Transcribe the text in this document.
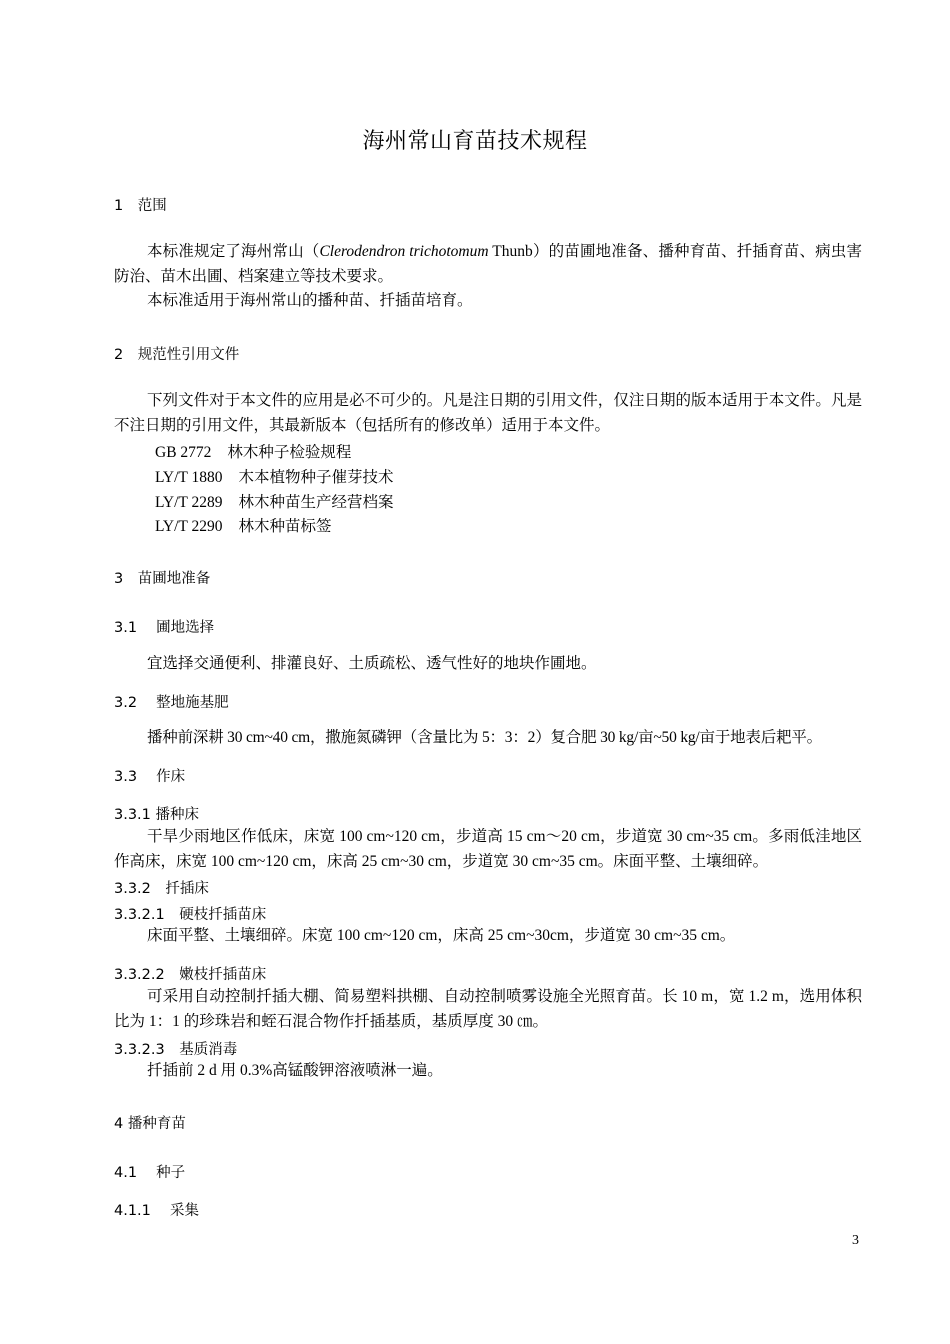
海州常山育苗技术规程
1　范围
本标准规定了海州常山（Clerodendron trichotomum Thunb）的苗圃地准备、播种育苗、扦插育苗、病虫害防治、苗木出圃、档案建立等技术要求。
本标准适用于海州常山的播种苗、扦插苗培育。
2　规范性引用文件
下列文件对于本文件的应用是必不可少的。凡是注日期的引用文件，仅注日期的版本适用于本文件。凡是不注日期的引用文件，其最新版本（包括所有的修改单）适用于本文件。
GB 2772 林木种子检验规程
LY/T 1880 木本植物种子催芽技术
LY/T 2289 林木种苗生产经营档案
LY/T 2290 林木种苗标签
3　苗圃地准备
3.1　 圃地选择
宜选择交通便利、排灌良好、土质疏松、透气性好的地块作圃地。
3.2　 整地施基肥
播种前深耕 30 cm~40 cm，撒施氮磷钾（含量比为 5：3：2）复合肥 30 kg/亩~50 kg/亩于地表后耙平。
3.3　 作床
3.3.1 播种床
干旱少雨地区作低床，床宽 100 cm~120 cm，步道高 15 cm～20 cm，步道宽 30 cm~35 cm。多雨低洼地区作高床，床宽 100 cm~120 cm，床高 25 cm~30 cm，步道宽 30 cm~35 cm。床面平整、土壤细碎。
3.3.2　扦插床
3.3.2.1　硬枝扦插苗床
床面平整、土壤细碎。床宽 100 cm~120 cm，床高 25 cm~30cm，步道宽 30 cm~35 cm。
3.3.2.2　嫩枝扦插苗床
可采用自动控制扦插大棚、简易塑料拱棚、自动控制喷雾设施全光照育苗。长 10 m，宽 1.2 m，选用体积比为 1：1 的珍珠岩和蛭石混合物作扦插基质，基质厚度 30 ㎝。
3.3.2.3　基质消毒
扦插前 2 d 用 0.3%高锰酸钾溶液喷淋一遍。
4 播种育苗
4.1　 种子
4.1.1　 采集
3
